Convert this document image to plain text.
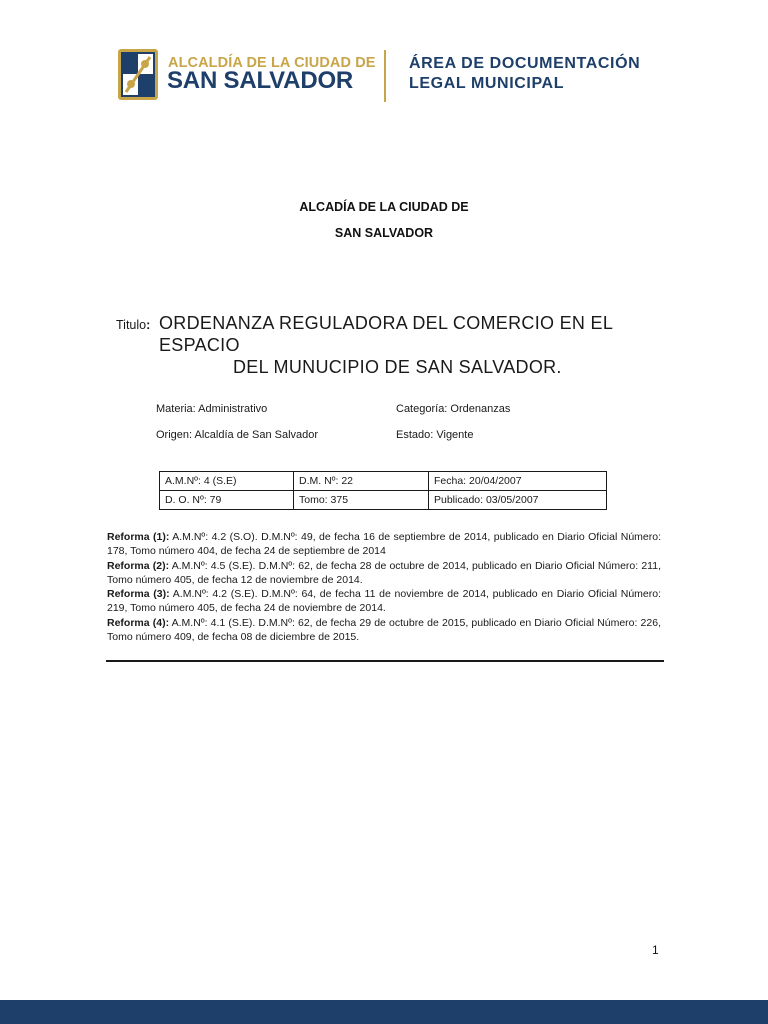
ALCALDÍA DE LA CIUDAD DE
SAN SALVADOR
ÁREA DE DOCUMENTACIÓN
LEGAL MUNICIPAL
ALCADÍA DE LA CIUDAD DE
SAN SALVADOR
Titulo: ORDENANZA REGULADORA DEL COMERCIO EN EL ESPACIO
DEL MUNUCIPIO DE SAN SALVADOR.
Materia: Administrativo	Categoría: Ordenanzas
Origen: Alcaldía de San Salvador	Estado: Vigente
A.M.Nº: 4 (S.E)	D.M. Nº: 22	Fecha: 20/04/2007
D. O. Nº: 79	Tomo: 375	Publicado: 03/05/2007

Reforma (1): A.M.Nº: 4.2 (S.O). D.M.Nº: 49, de fecha 16 de septiembre de 2014, publicado en Diario Oficial Número: 178, Tomo número 404, de fecha 24 de septiembre de 2014

Reforma (2): A.M.Nº: 4.5 (S.E). D.M.Nº: 62, de fecha 28 de octubre de 2014, publicado en Diario Oficial Número: 211, Tomo número 405, de fecha 12 de noviembre de 2014.

Reforma (3): A.M.Nº: 4.2 (S.E). D.M.Nº: 64, de fecha 11 de noviembre de 2014, publicado en Diario Oficial Número: 219, Tomo número 405, de fecha 24 de noviembre de 2014.

Reforma (4): A.M.Nº: 4.1 (S.E). D.M.Nº: 62, de fecha 29 de octubre de 2015, publicado en Diario Oficial Número: 226, Tomo número 409, de fecha 08 de diciembre de 2015.

1
